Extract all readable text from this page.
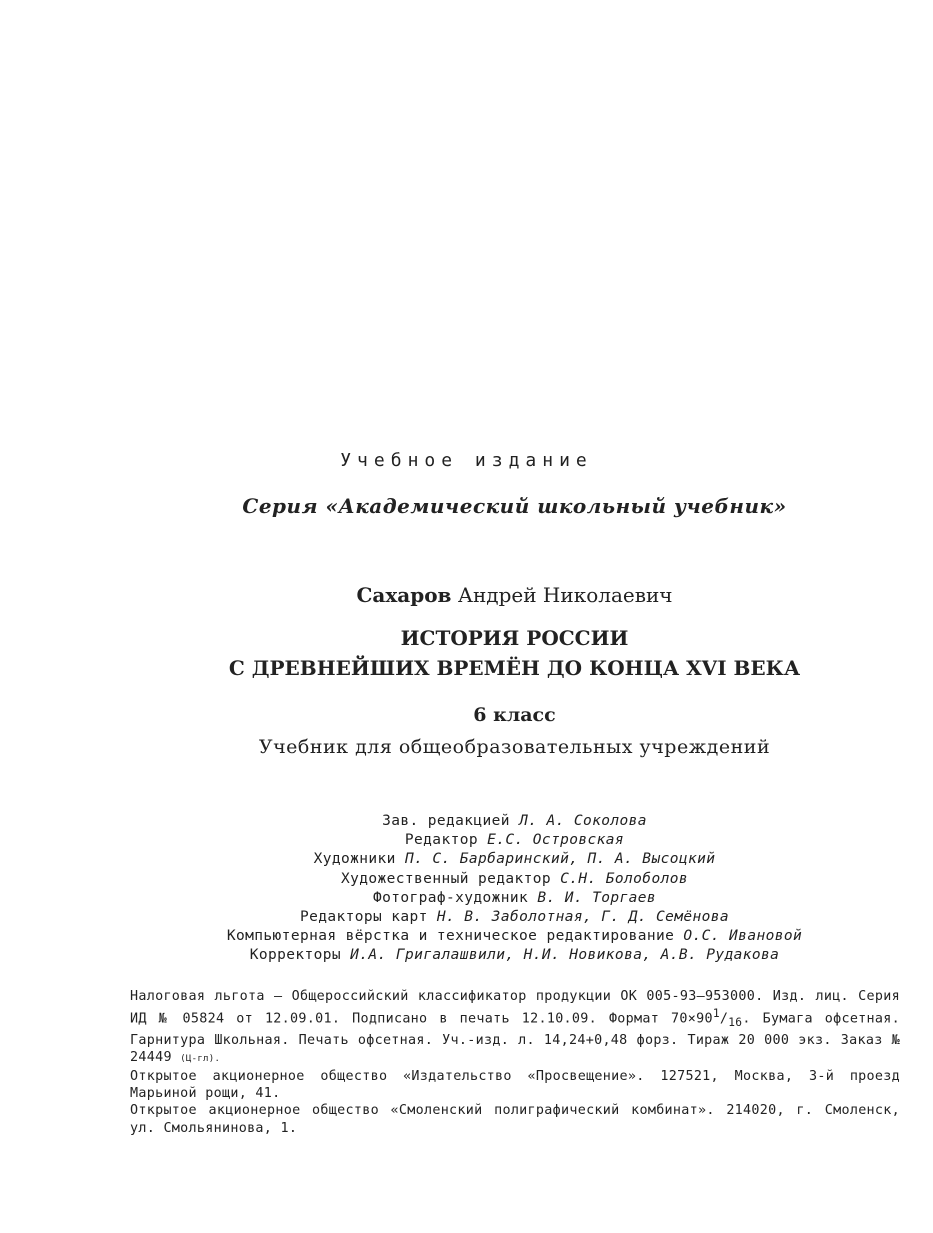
Учебное издание
Серия «Академический школьный учебник»
Сахаров Андрей Николаевич
ИСТОРИЯ РОССИИ
С ДРЕВНЕЙШИХ ВРЕМЁН ДО КОНЦА XVI ВЕКА
6 класс
Учебник для общеобразовательных учреждений
Зав. редакцией Л. А. Соколова
Редактор Е.С. Островская
Художники П. С. Барбаринский, П. А. Высоцкий
Художественный редактор С.Н. Болоболов
Фотограф-художник В. И. Торгаев
Редакторы карт Н. В. Заболотная, Г. Д. Семёнова
Компьютерная вёрстка и техническое редактирование О.С. Ивановой
Корректоры И.А. Григалашвили, Н.И. Новикова, А.В. Рудакова

Налоговая льгота — Общероссийский классификатор продукции ОК 005-93—953000. Изд. лиц. Серия ИД № 05824 от 12.09.01. Подписано в печать 12.10.09. Формат $70\times 90^1/_{16}$. Бумага офсетная. Гарнитура Школьная. Печать офсетная. Уч.-изд. л. 14,24+0,48 форз. Тираж 20 000 экз. Заказ № 24449 (Ц-гл).

Открытое акционерное общество «Издательство «Просвещение». 127521, Москва, 3-й проезд Марьиной рощи, 41.

Открытое акционерное общество «Смоленский полиграфический комбинат». 214020, г. Смоленск, ул. Смольянинова, 1.
